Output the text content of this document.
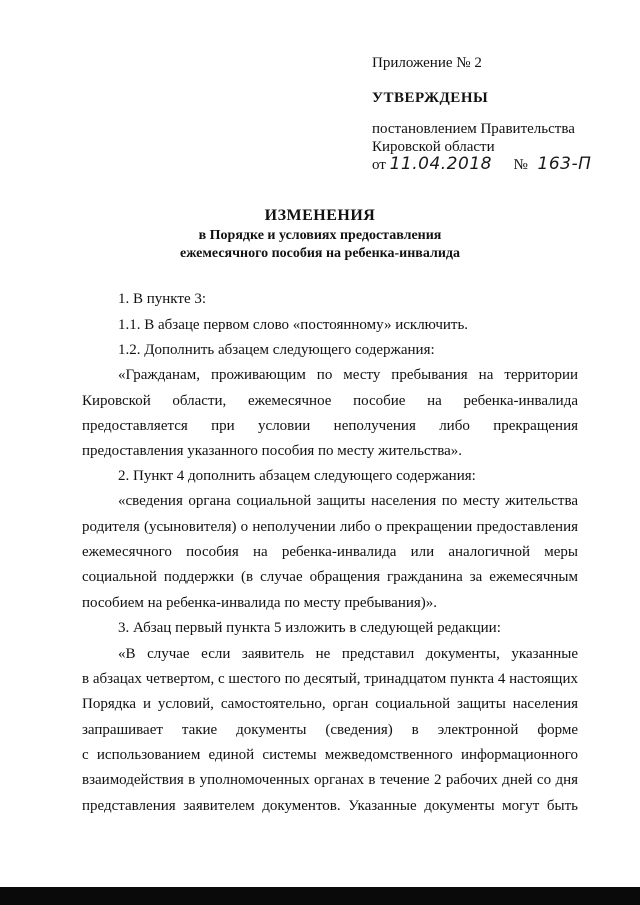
Приложение № 2
УТВЕРЖДЕНЫ
постановлением Правительства
Кировской области
от 11.04.2018 № 163-П
ИЗМЕНЕНИЯ
в Порядке и условиях предоставления
ежемесячного пособия на ребенка-инвалида
1. В пункте 3:
1.1. В абзаце первом слово «постоянному» исключить.
1.2. Дополнить абзацем следующего содержания:
«Гражданам, проживающим по месту пребывания на территории
Кировской области, ежемесячное пособие на ребенка-инвалида
предоставляется при условии неполучения либо прекращения
предоставления указанного пособия по месту жительства».
2. Пункт 4 дополнить абзацем следующего содержания:
«сведения органа социальной защиты населения по месту жительства
родителя (усыновителя) о неполучении либо о прекращении предоставления
ежемесячного пособия на ребенка-инвалида или аналогичной меры
социальной поддержки (в случае обращения гражданина за ежемесячным
пособием на ребенка-инвалида по месту пребывания)».
3. Абзац первый пункта 5 изложить в следующей редакции:
«В случае если заявитель не представил документы, указанные
в абзацах четвертом, с шестого по десятый, тринадцатом пункта 4 настоящих
Порядка и условий, самостоятельно, орган социальной защиты населения
запрашивает такие документы (сведения) в электронной форме
с использованием единой системы межведомственного информационного
взаимодействия в уполномоченных органах в течение 2 рабочих дней со дня
представления заявителем документов. Указанные документы могут быть
